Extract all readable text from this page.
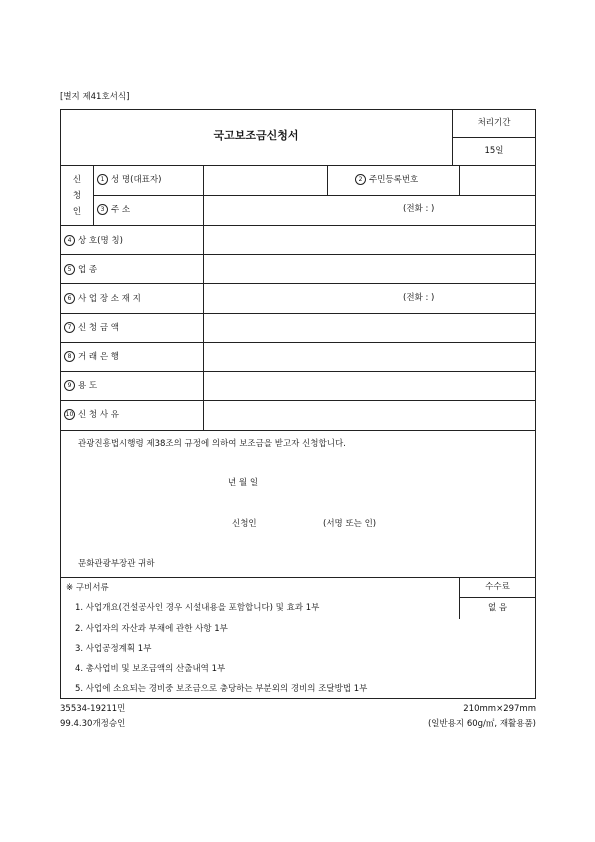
[별지 제41호서식]
국고보조금신청서
처리기간
15일
신
청
인
1 성 명(대표자)	2 주민등록번호
3 주 소	(전화 : )
4 상 호(명 칭)
5 업 종
6 사 업 장 소 재 지	(전화 : )
7 신 청 금 액
8 거 래 은 행
9 용 도
10 신 청 사 유
관광진흥법시행령 제38조의 규정에 의하여 보조금을 받고자 신청합니다.
년 월 일
신청인	(서명 또는 인)
문화관광부장관 귀하
수수료
없 음
※ 구비서류
1. 사업개요(건설공사인 경우 시설내용을 포함합니다) 및 효과 1부
2. 사업자의 자산과 부채에 관한 사항 1부
3. 사업공정계획 1부
4. 총사업비 및 보조금액의 산출내역 1부
5. 사업에 소요되는 경비중 보조금으로 충당하는 부분외의 경비의 조달방법 1부
35534-19211민
99.4.30개정승인
210mm×297mm
(일반용지 60g/㎡, 재활용품)
